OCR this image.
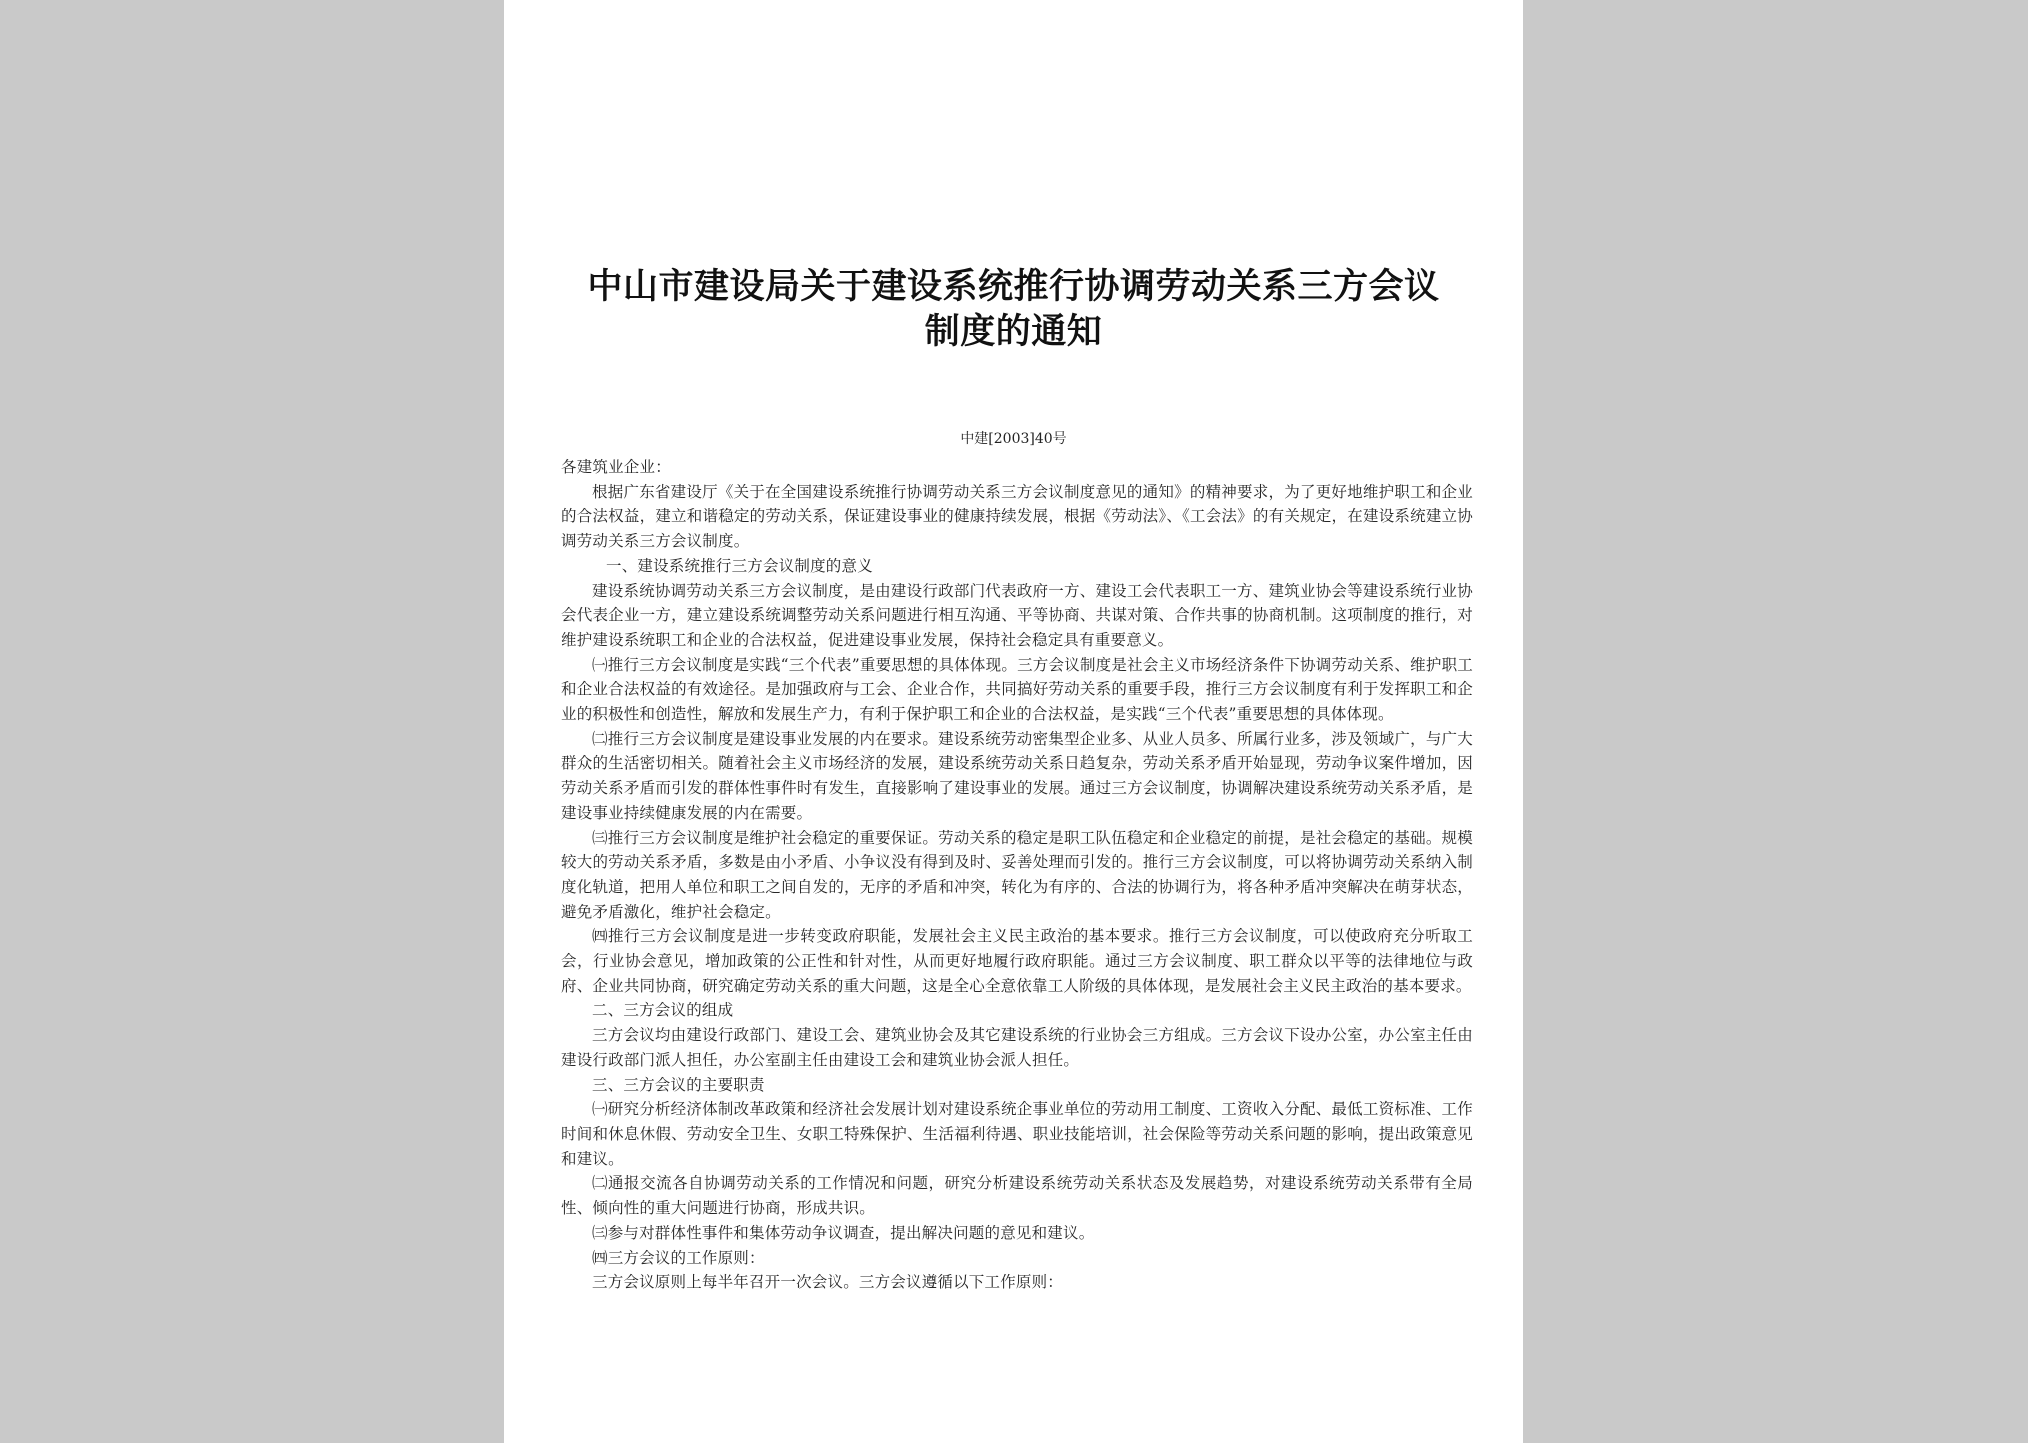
中山市建设局关于建设系统推行协调劳动关系三方会议
制度的通知
中建[2003]40号

各建筑业企业：

根据广东省建设厅《关于在全国建设系统推行协调劳动关系三方会议制度意见的通知》的精神要求，为了更好地维护职工和企业的合法权益，建立和谐稳定的劳动关系，保证建设事业的健康持续发展，根据《劳动法》、《工会法》的有关规定，在建设系统建立协调劳动关系三方会议制度。

一、建设系统推行三方会议制度的意义

建设系统协调劳动关系三方会议制度，是由建设行政部门代表政府一方、建设工会代表职工一方、建筑业协会等建设系统行业协会代表企业一方，建立建设系统调整劳动关系问题进行相互沟通、平等协商、共谋对策、合作共事的协商机制。这项制度的推行，对维护建设系统职工和企业的合法权益，促进建设事业发展，保持社会稳定具有重要意义。

㈠推行三方会议制度是实践“三个代表”重要思想的具体体现。三方会议制度是社会主义市场经济条件下协调劳动关系、维护职工和企业合法权益的有效途径。是加强政府与工会、企业合作，共同搞好劳动关系的重要手段，推行三方会议制度有利于发挥职工和企业的积极性和创造性，解放和发展生产力，有利于保护职工和企业的合法权益，是实践“三个代表”重要思想的具体体现。

㈡推行三方会议制度是建设事业发展的内在要求。建设系统劳动密集型企业多、从业人员多、所属行业多，涉及领域广，与广大群众的生活密切相关。随着社会主义市场经济的发展，建设系统劳动关系日趋复杂，劳动关系矛盾开始显现，劳动争议案件增加，因劳动关系矛盾而引发的群体性事件时有发生，直接影响了建设事业的发展。通过三方会议制度，协调解决建设系统劳动关系矛盾，是建设事业持续健康发展的内在需要。

㈢推行三方会议制度是维护社会稳定的重要保证。劳动关系的稳定是职工队伍稳定和企业稳定的前提，是社会稳定的基础。规模较大的劳动关系矛盾，多数是由小矛盾、小争议没有得到及时、妥善处理而引发的。推行三方会议制度，可以将协调劳动关系纳入制度化轨道，把用人单位和职工之间自发的，无序的矛盾和冲突，转化为有序的、合法的协调行为，将各种矛盾冲突解决在萌芽状态，避免矛盾激化，维护社会稳定。

㈣推行三方会议制度是进一步转变政府职能，发展社会主义民主政治的基本要求。推行三方会议制度，可以使政府充分听取工会，行业协会意见，增加政策的公正性和针对性，从而更好地履行政府职能。通过三方会议制度、职工群众以平等的法律地位与政府、企业共同协商，研究确定劳动关系的重大问题，这是全心全意依靠工人阶级的具体体现，是发展社会主义民主政治的基本要求。

二、三方会议的组成

三方会议均由建设行政部门、建设工会、建筑业协会及其它建设系统的行业协会三方组成。三方会议下设办公室，办公室主任由建设行政部门派人担任，办公室副主任由建设工会和建筑业协会派人担任。

三、三方会议的主要职责

㈠研究分析经济体制改革政策和经济社会发展计划对建设系统企事业单位的劳动用工制度、工资收入分配、最低工资标准、工作时间和休息休假、劳动安全卫生、女职工特殊保护、生活福利待遇、职业技能培训，社会保险等劳动关系问题的影响，提出政策意见和建议。

㈡通报交流各自协调劳动关系的工作情况和问题，研究分析建设系统劳动关系状态及发展趋势，对建设系统劳动关系带有全局性、倾向性的重大问题进行协商，形成共识。

㈢参与对群体性事件和集体劳动争议调查，提出解决问题的意见和建议。

㈣三方会议的工作原则：

三方会议原则上每半年召开一次会议。三方会议遵循以下工作原则：
